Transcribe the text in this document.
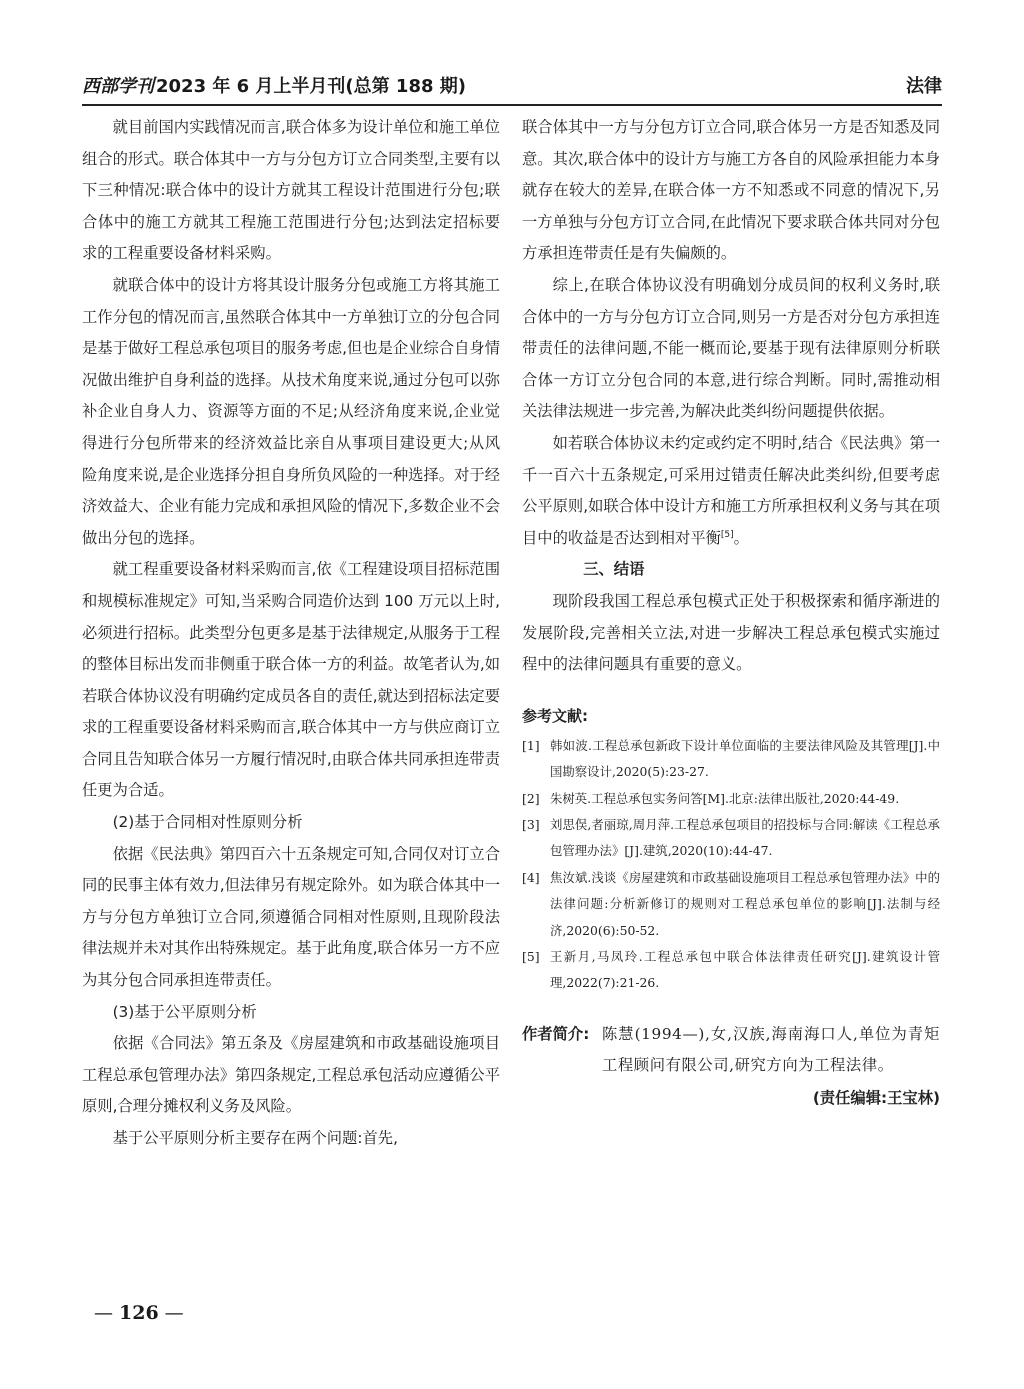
西部学刊 2023 年 6 月上半月刊(总第 188 期)	法律

就目前国内实践情况而言,联合体多为设计单位和施工单位组合的形式。联合体其中一方与分包方订立合同类型,主要有以下三种情况:联合体中的设计方就其工程设计范围进行分包;联合体中的施工方就其工程施工范围进行分包;达到法定招标要求的工程重要设备材料采购。

就联合体中的设计方将其设计服务分包或施工方将其施工工作分包的情况而言,虽然联合体其中一方单独订立的分包合同是基于做好工程总承包项目的服务考虑,但也是企业综合自身情况做出维护自身利益的选择。从技术角度来说,通过分包可以弥补企业自身人力、资源等方面的不足;从经济角度来说,企业觉得进行分包所带来的经济效益比亲自从事项目建设更大;从风险角度来说,是企业选择分担自身所负风险的一种选择。对于经济效益大、企业有能力完成和承担风险的情况下,多数企业不会做出分包的选择。

就工程重要设备材料采购而言,依《工程建设项目招标范围和规模标准规定》可知,当采购合同造价达到 100 万元以上时,必须进行招标。此类型分包更多是基于法律规定,从服务于工程的整体目标出发而非侧重于联合体一方的利益。故笔者认为,如若联合体协议没有明确约定成员各自的责任,就达到招标法定要求的工程重要设备材料采购而言,联合体其中一方与供应商订立合同且告知联合体另一方履行情况时,由联合体共同承担连带责任更为合适。

(2)基于合同相对性原则分析

依据《民法典》第四百六十五条规定可知,合同仅对订立合同的民事主体有效力,但法律另有规定除外。如为联合体其中一方与分包方单独订立合同,须遵循合同相对性原则,且现阶段法律法规并未对其作出特殊规定。基于此角度,联合体另一方不应为其分包合同承担连带责任。

(3)基于公平原则分析

依据《合同法》第五条及《房屋建筑和市政基础设施项目工程总承包管理办法》第四条规定,工程总承包活动应遵循公平原则,合理分摊权利义务及风险。

基于公平原则分析主要存在两个问题:首先,

联合体其中一方与分包方订立合同,联合体另一方是否知悉及同意。其次,联合体中的设计方与施工方各自的风险承担能力本身就存在较大的差异,在联合体一方不知悉或不同意的情况下,另一方单独与分包方订立合同,在此情况下要求联合体共同对分包方承担连带责任是有失偏颇的。

综上,在联合体协议没有明确划分成员间的权利义务时,联合体中的一方与分包方订立合同,则另一方是否对分包方承担连带责任的法律问题,不能一概而论,要基于现有法律原则分析联合体一方订立分包合同的本意,进行综合判断。同时,需推动相关法律法规进一步完善,为解决此类纠纷问题提供依据。

如若联合体协议未约定或约定不明时,结合《民法典》第一千一百六十五条规定,可采用过错责任解决此类纠纷,但要考虑公平原则,如联合体中设计方和施工方所承担权利义务与其在项目中的收益是否达到相对平衡[5]。

三、结语

现阶段我国工程总承包模式正处于积极探索和循序渐进的发展阶段,完善相关立法,对进一步解决工程总承包模式实施过程中的法律问题具有重要的意义。

参考文献:
[1] 韩如波.工程总承包新政下设计单位面临的主要法律风险及其管理[J].中国勘察设计,2020(5):23-27.
[2] 朱树英.工程总承包实务问答[M].北京:法律出版社,2020:44-49.
[3] 刘思俣,者丽琼,周月萍.工程总承包项目的招投标与合同:解读《工程总承包管理办法》[J].建筑,2020(10):44-47.
[4] 焦汝斌.浅谈《房屋建筑和市政基础设施项目工程总承包管理办法》中的法律问题:分析新修订的规则对工程总承包单位的影响[J].法制与经济,2020(6):50-52.
[5] 王新月,马凤玲.工程总承包中联合体法律责任研究[J].建筑设计管理,2022(7):21-26.
作者简介: 陈慧(1994—),女,汉族,海南海口人,单位为青矩工程顾问有限公司,研究方向为工程法律。
(责任编辑:王宝林)
— 126 —
